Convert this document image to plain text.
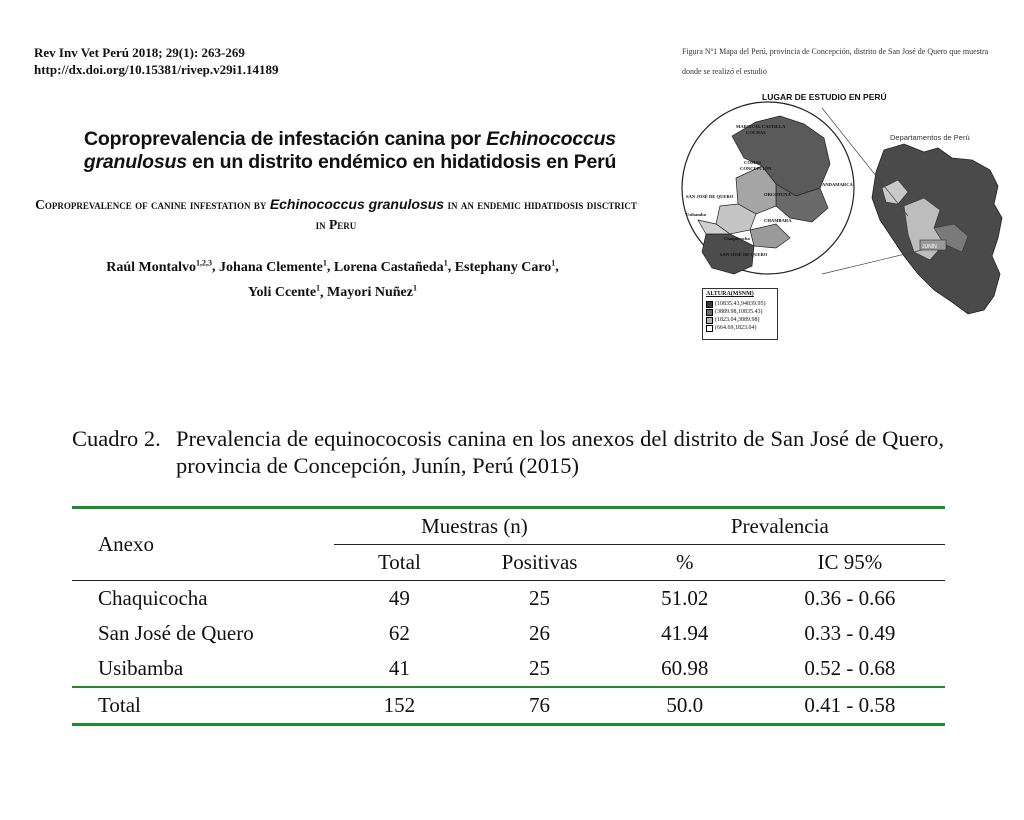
Rev Inv Vet Perú 2018; 29(1): 263-269
http://dx.doi.org/10.15381/rivep.v29i1.14189
Coproprevalencia de infestación canina por Echinococcus granulosus en un distrito endémico en hidatidosis en Perú
Coproprevalence of canine infestation by Echinococcus granulosus in an endemic hidatidosis disctrict in Peru
Raúl Montalvo$^{1,2,3}$, Johana Clemente$^1$, Lorena Castañeda$^1$, Estephany Caro$^1$,
Yoli Ccente$^1$, Mayori Nuñez$^1$
Figura Nº1 Mapa del Perú, provincia de Concepción, distrito de San José de Quero que muestra
donde se realizó el estudio
JUNÍN
MARISCAL CASTILLA
COCHAS
COMAS
CONCEPCIÓN
ANDAMARCA
ORCOTUNA
SAN JOSÉ DE QUERO
Usibamba
CHAMBARA
Chaquicocha
SAN JOSÉ DE QUERO
LUGAR DE ESTUDIO EN PERÚ
Departamentos de Perú
ALTURA(MSNM)
(10835.43,94839.95)
(3889.98,10835.43)
(1823.04,3889.98)
(664.69,1823.04)
Cuadro 2. Prevalencia de equinococosis canina en los anexos del distrito de San José de Quero, provincia de Concepción, Junín, Perú (2015)
Anexo	Muestras (n)		Prevalencia	
	Total	Positivas	%	IC 95%
Chaquicocha	49	25	51.02	0.36 - 0.66
San José de Quero	62	26	41.94	0.33 - 0.49
Usibamba	41	25	60.98	0.52 - 0.68
Total	152	76	50.0	0.41 - 0.58
